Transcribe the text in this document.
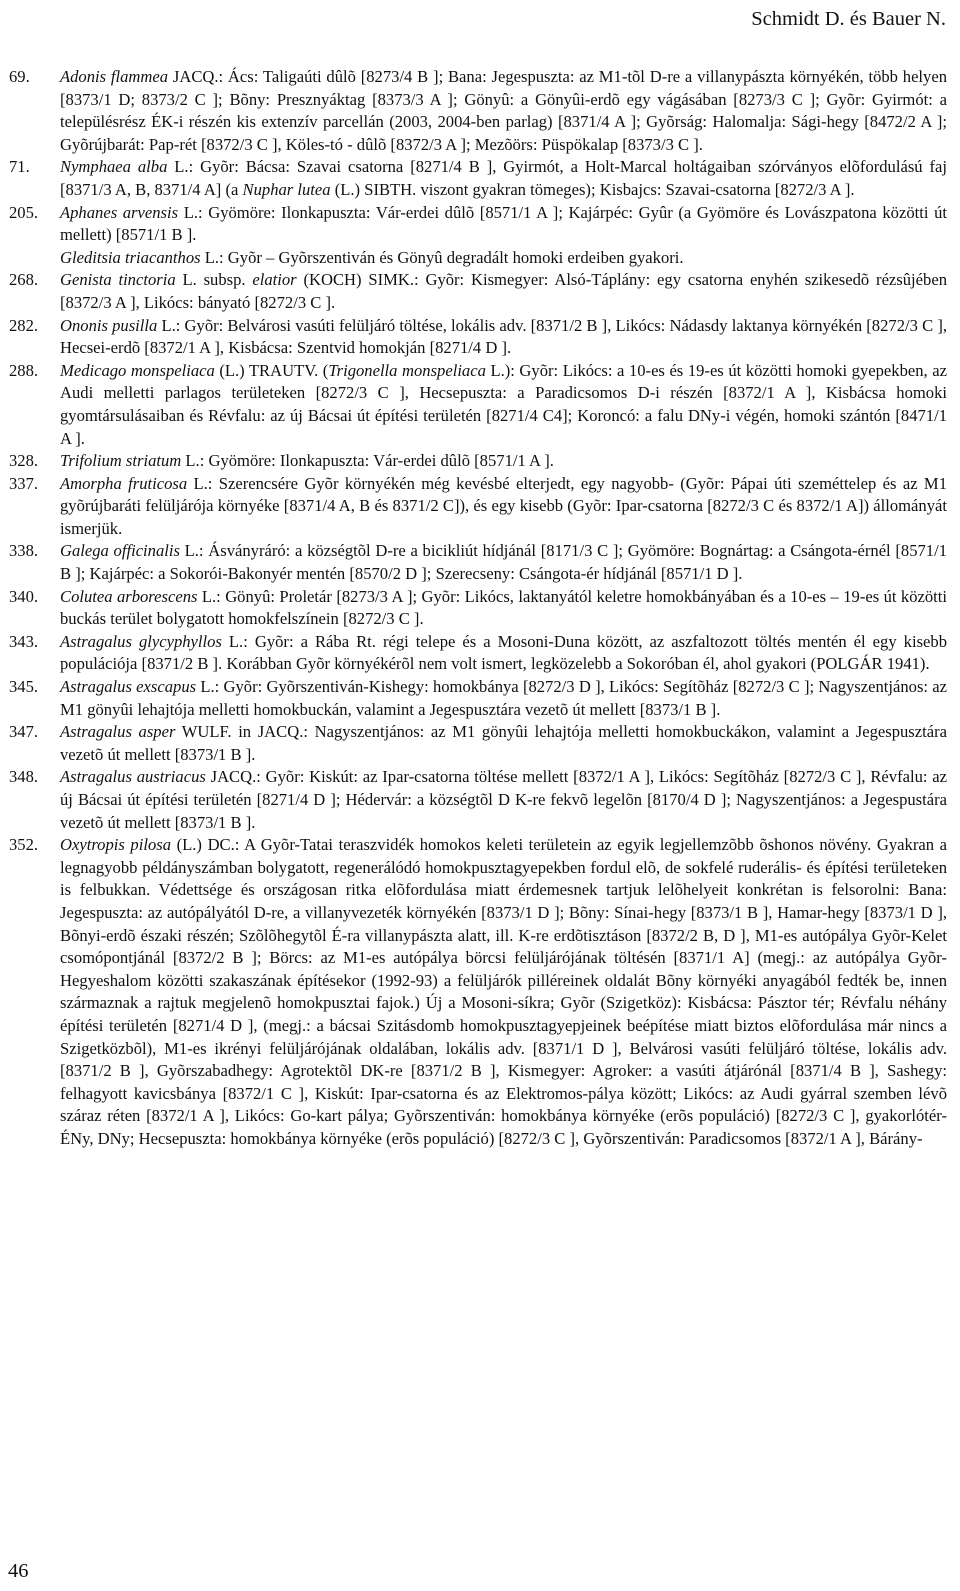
Schmidt D. és Bauer N.
69. Adonis flammea JACQ.: Ács: Taligaúti dûlõ [8273/4 B ]; Bana: Jegespuszta: az M1-tõl D-re a villanypászta környékén, több helyen [8373/1 D; 8373/2 C ]; Bõny: Presznyáktag [8373/3 A ]; Gönyû: a Gönyûi-erdõ egy vágásában [8273/3 C ]; Gyõr: Gyirmót: a településrész ÉK-i részén kis extenzív parcellán (2003, 2004-ben parlag) [8371/4 A ]; Gyõrság: Halomalja: Sági-hegy [8472/2 A ]; Gyõrújbarát: Pap-rét [8372/3 C ], Köles-tó - dûlõ [8372/3 A ]; Mezõörs: Püspökalap [8373/3 C ].
71. Nymphaea alba L.: Gyõr: Bácsa: Szavai csatorna [8271/4 B ], Gyirmót, a Holt-Marcal holtágaiban szórványos elõfordulású faj [8371/3 A, B, 8371/4 A] (a Nuphar lutea (L.) SIBTH. viszont gyakran tömeges); Kisbajcs: Szavai-csatorna [8272/3 A ].
205. Aphanes arvensis L.: Gyömöre: Ilonkapuszta: Vár-erdei dûlõ [8571/1 A ]; Kajárpéc: Gyûr (a Gyömöre és Lovászpatona közötti út mellett) [8571/1 B ].
Gleditsia triacanthos L.: Gyõr – Gyõrszentiván és Gönyû degradált homoki erdeiben gyakori.
268. Genista tinctoria L. subsp. elatior (KOCH) SIMK.: Gyõr: Kismegyer: Alsó-Táplány: egy csatorna enyhén szikesedõ rézsûjében [8372/3 A ], Likócs: bányató [8272/3 C ].
282. Ononis pusilla L.: Gyõr: Belvárosi vasúti felüljáró töltése, lokális adv. [8371/2 B ], Likócs: Nádasdy laktanya környékén [8272/3 C ], Hecsei-erdõ [8372/1 A ], Kisbácsa: Szentvid homokján [8271/4 D ].
288. Medicago monspeliaca (L.) TRAUTV. (Trigonella monspeliaca L.): Gyõr: Likócs: a 10-es és 19-es út közötti homoki gyepekben, az Audi melletti parlagos területeken [8272/3 C ], Hecsepuszta: a Paradicsomos D-i részén [8372/1 A ], Kisbácsa homoki gyomtársulásaiban és Révfalu: az új Bácsai út építési területén [8271/4 C4]; Koroncó: a falu DNy-i végén, homoki szántón [8471/1 A ].
328. Trifolium striatum L.: Gyömöre: Ilonkapuszta: Vár-erdei dûlõ [8571/1 A ].
337. Amorpha fruticosa L.: Szerencsére Gyõr környékén még kevésbé elterjedt, egy nagyobb- (Gyõr: Pápai úti szeméttelep és az M1 gyõrújbaráti felüljárója környéke [8371/4 A, B és 8371/2 C]), és egy kisebb (Gyõr: Ipar-csatorna [8272/3 C és 8372/1 A]) állományát ismerjük.
338. Galega officinalis L.: Ásványráró: a községtõl D-re a bicikliút hídjánál [8171/3 C ]; Gyömöre: Bognártag: a Csángota-érnél [8571/1 B ]; Kajárpéc: a Sokorói-Bakonyér mentén [8570/2 D ]; Szerecseny: Csángota-ér hídjánál [8571/1 D ].
340. Colutea arborescens L.: Gönyû: Proletár [8273/3 A ]; Gyõr: Likócs, laktanyától keletre homokbányában és a 10-es – 19-es út közötti buckás terület bolygatott homokfelszínein [8272/3 C ].
343. Astragalus glycyphyllos L.: Gyõr: a Rába Rt. régi telepe és a Mosoni-Duna között, az aszfaltozott töltés mentén él egy kisebb populációja [8371/2 B ]. Korábban Gyõr környékérõl nem volt ismert, legközelebb a Sokoróban él, ahol gyakori (POLGÁR 1941).
345. Astragalus exscapus L.: Gyõr: Gyõrszentiván-Kishegy: homokbánya [8272/3 D ], Likócs: Segítõház [8272/3 C ]; Nagyszentjános: az M1 gönyûi lehajtója melletti homokbuckán, valamint a Jegespusztára vezetõ út mellett [8373/1 B ].
347. Astragalus asper WULF. in JACQ.: Nagyszentjános: az M1 gönyûi lehajtója melletti homokbuckákon, valamint a Jegespusztára vezetõ út mellett [8373/1 B ].
348. Astragalus austriacus JACQ.: Gyõr: Kiskút: az Ipar-csatorna töltése mellett [8372/1 A ], Likócs: Segítõház [8272/3 C ], Révfalu: az új Bácsai út építési területén [8271/4 D ]; Hédervár: a községtõl D K-re fekvõ legelõn [8170/4 D ]; Nagyszentjános: a Jegespustára vezetõ út mellett [8373/1 B ].
352. Oxytropis pilosa (L.) DC.: A Gyõr-Tatai teraszvidék homokos keleti területein az egyik legjellemzõbb õshonos növény. Gyakran a legnagyobb példányszámban bolygatott, regenerálódó homokpusztagyepekben fordul elõ, de sokfelé ruderális- és építési területeken is felbukkan. Védettsége és országosan ritka elõfordulása miatt érdemesnek tartjuk lelõhelyeit konkrétan is felsorolni: Bana: Jegespuszta: az autópályától D-re, a villanyvezeték környékén [8373/1 D ]; Bõny: Sínai-hegy [8373/1 B ], Hamar-hegy [8373/1 D ], Bõnyi-erdõ északi részén; Szõlõhegytõl É-ra villanypászta alatt, ill. K-re erdõtisztáson [8372/2 B, D ], M1-es autópálya Gyõr-Kelet csomópontjánál [8372/2 B ]; Börcs: az M1-es autópálya börcsi felüljárójának töltésén [8371/1 A] (megj.: az autópálya Gyõr-Hegyeshalom közötti szakaszának építésekor (1992-93) a felüljárók pilléreinek oldalát Bõny környéki anyagából fedték be, innen származnak a rajtuk megjelenõ homokpusztai fajok.) Új a Mosoni-síkra; Gyõr (Szigetköz): Kisbácsa: Pásztor tér; Révfalu néhány építési területén [8271/4 D ], (megj.: a bácsai Szitásdomb homokpusztagyepjeinek beépítése miatt biztos elõfordulása már nincs a Szigetközbõl), M1-es ikrényi felüljárójának oldalában, lokális adv. [8371/1 D ], Belvárosi vasúti felüljáró töltése, lokális adv. [8371/2 B ], Gyõrszabadhegy: Agrotektõl DK-re [8371/2 B ], Kismegyer: Agroker: a vasúti átjárónál [8371/4 B ], Sashegy: felhagyott kavicsbánya [8372/1 C ], Kiskút: Ipar-csatorna és az Elektromos-pálya között; Likócs: az Audi gyárral szemben lévõ száraz réten [8372/1 A ], Likócs: Go-kart pálya; Gyõrszentiván: homokbánya környéke (erõs populáció) [8272/3 C ], gyakorlótér-ÉNy, DNy; Hecsepuszta: homokbánya környéke (erõs populáció) [8272/3 C ], Gyõrszentiván: Paradicsomos [8372/1 A ], Bárány-
46
